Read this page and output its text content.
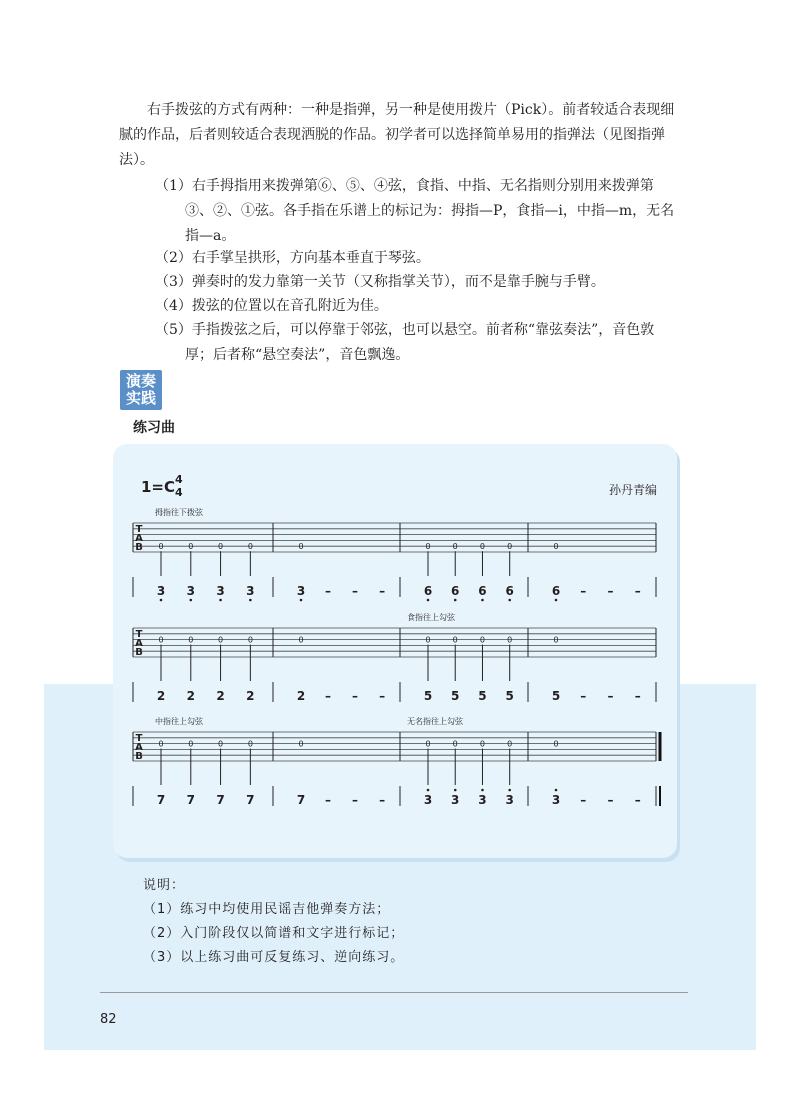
右手拨弦的方式有两种：一种是指弹，另一种是使用拨片（Pick）。前者较适合表现细腻的作品，后者则较适合表现洒脱的作品。初学者可以选择简单易用的指弹法（见图指弹法）。

（1）右手拇指用来拨弹第⑥、⑤、④弦，食指、中指、无名指则分别用来拨弹第③、②、①弦。各手指在乐谱上的标记为：拇指—P，食指—i，中指—m，无名指—a。

（2）右手掌呈拱形，方向基本垂直于琴弦。

（3）弹奏时的发力靠第一关节（又称指掌关节），而不是靠手腕与手臂。

（4）拨弦的位置以在音孔附近为佳。

（5）手指拨弦之后，可以停靠于邻弦，也可以悬空。前者称“靠弦奏法”，音色敦厚；后者称“悬空奏法”，音色飘逸。

演奏
实践
练习曲
1=C 4
4	孙丹青编
T
A
B
拇指往下拨弦
0	0	0	0
3 3 3 3
0
3 – – –
0	0	0	0
6 6 6 6
0
6 – – –
T
A
B
食指往上勾弦
0	0	0	0
2 2 2 2
0
2 – – –
0	0	0	0
5 5 5 5
0
5 – – –
T
A
B
中指往上勾弦	无名指往上勾弦
0	0	0	0
7 7 7 7
0
7 – – –
0	0	0	0
3 3 3 3
0
3 – – –
说明：
（1）练习中均使用民谣吉他弹奏方法；
（2）入门阶段仅以简谱和文字进行标记；
（3）以上练习曲可反复练习、逆向练习。
82
